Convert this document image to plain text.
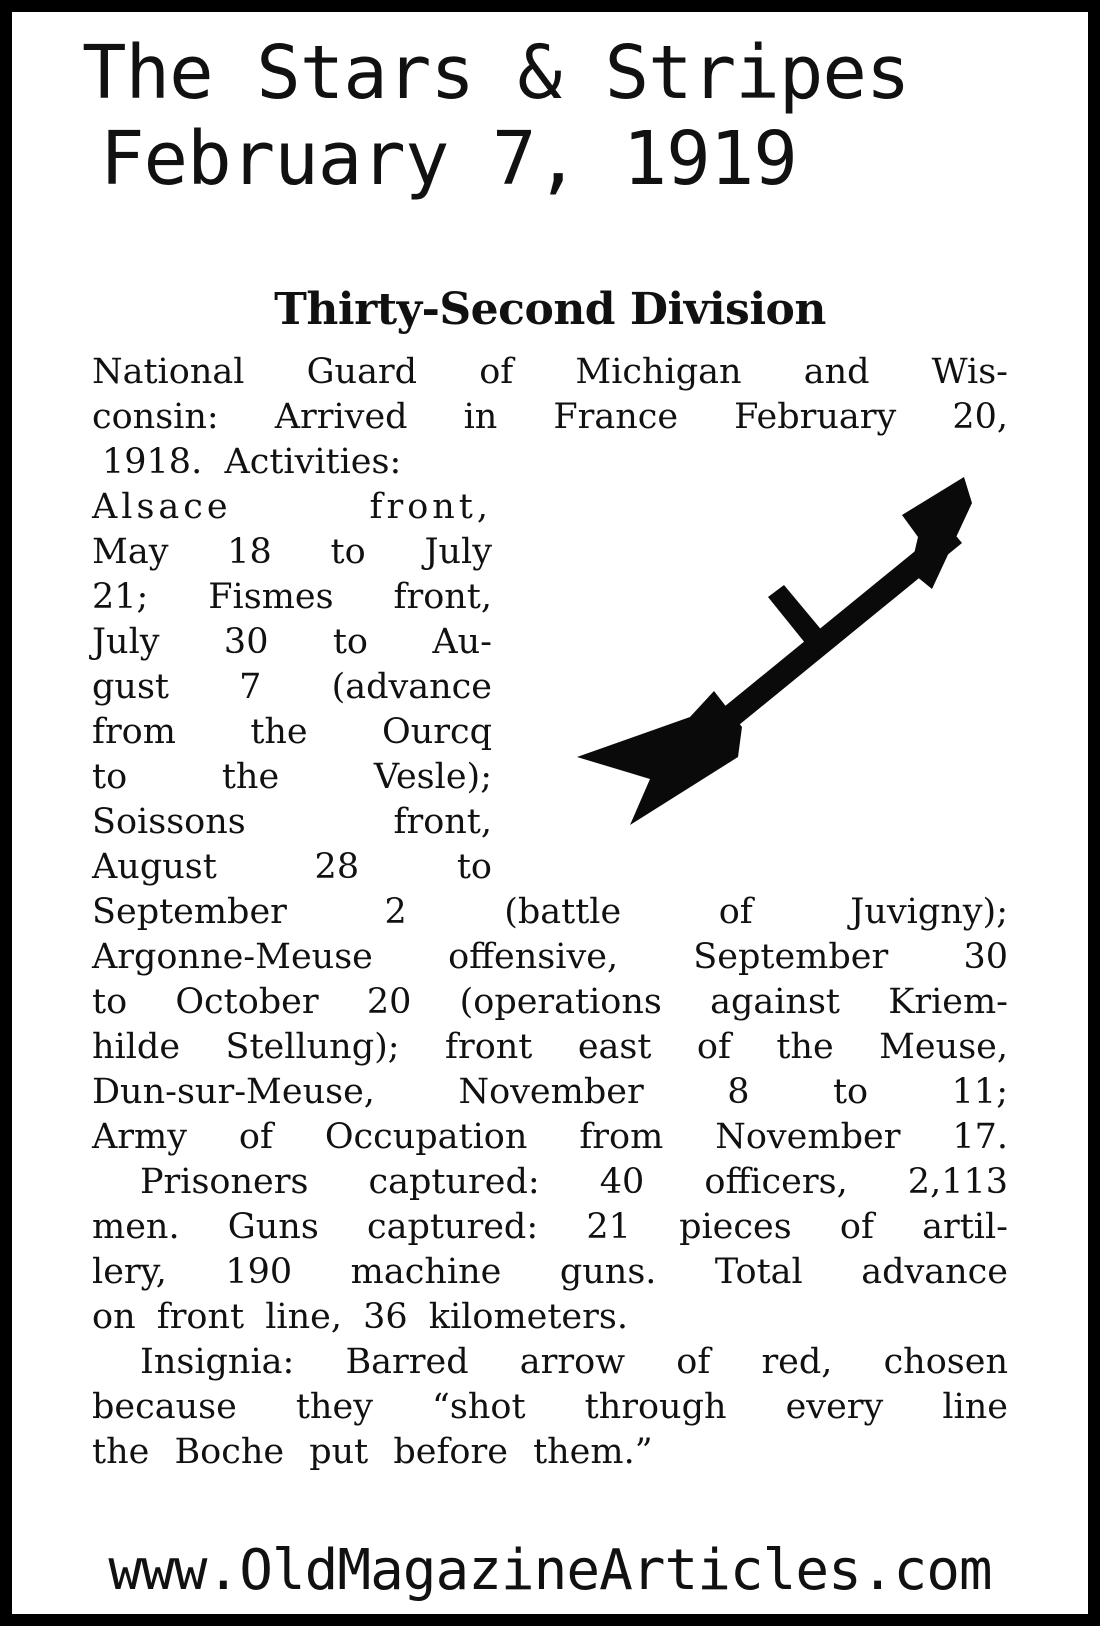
The Stars & Stripes
February 7, 1919
Thirty-Second Division
National Guard of Michigan and Wis-
consin: Arrived in France February 20,
1918.  Activities:
Alsace front,
May 18 to July
21; Fismes front,
July 30 to Au-
gust 7 (advance
from the Ourcq
to the Vesle);
Soissons front,
August 28 to
September 2 (battle of Juvigny);
Argonne-Meuse offensive, September 30
to October 20 (operations against Kriem-
hilde Stellung); front east of the Meuse,
Dun-sur-Meuse, November 8 to 11;
Army of Occupation from November 17.
Prisoners captured: 40 officers, 2,113
men. Guns captured: 21 pieces of artil-
lery, 190 machine guns. Total advance
on front line, 36 kilometers.
Insignia: Barred arrow of red, chosen
because they “shot through every line
the Boche put before them.”
www.OldMagazineArticles.com
